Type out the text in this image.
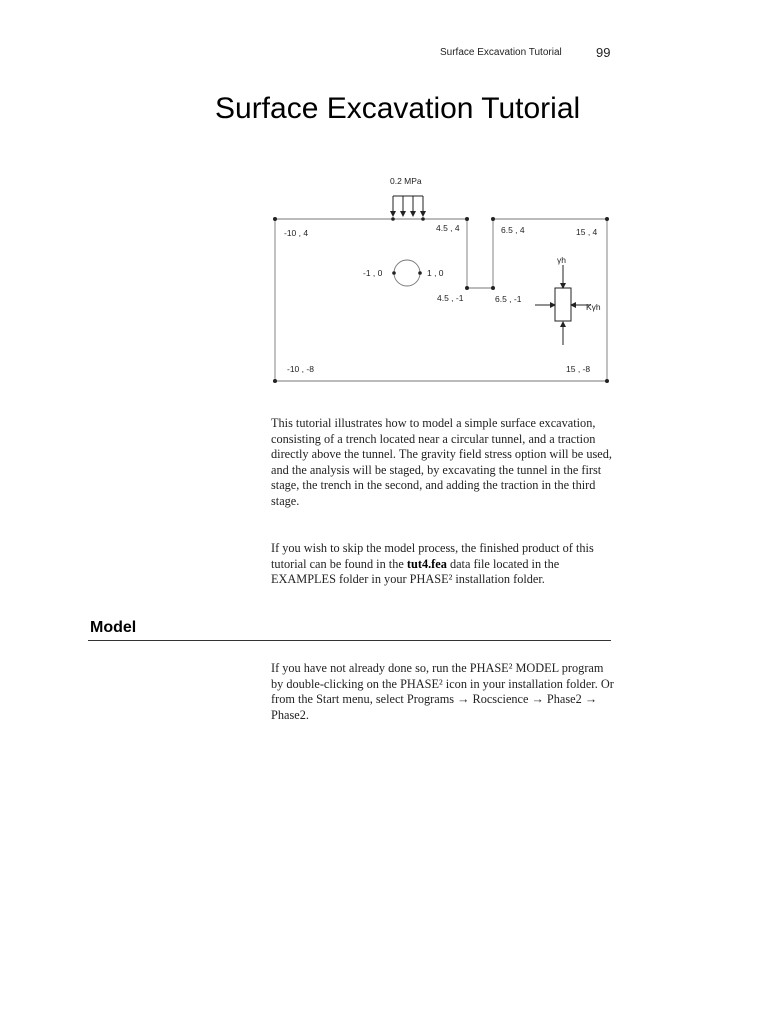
Surface Excavation Tutorial	99
Surface Excavation Tutorial
0.2 MPa
γh
Kγh
-10 , 4	4.5 , 4	6.5 , 4	15 , 4
-1 , 0	1 , 0
4.5 , -1	6.5 , -1
-10 , -8	15 , -8

This tutorial illustrates how to model a simple surface excavation, consisting of a trench located near a circular tunnel, and a traction directly above the tunnel. The gravity field stress option will be used, and the analysis will be staged, by excavating the tunnel in the first stage, the trench in the second, and adding the traction in the third stage.

If you wish to skip the model process, the finished product of this tutorial can be found in the tut4.fea data file located in the EXAMPLES folder in your PHASE² installation folder.

Model

If you have not already done so, run the PHASE² MODEL program by double-clicking on the PHASE² icon in your installation folder. Or from the Start menu, select Programs → Rocscience → Phase2 → Phase2.
